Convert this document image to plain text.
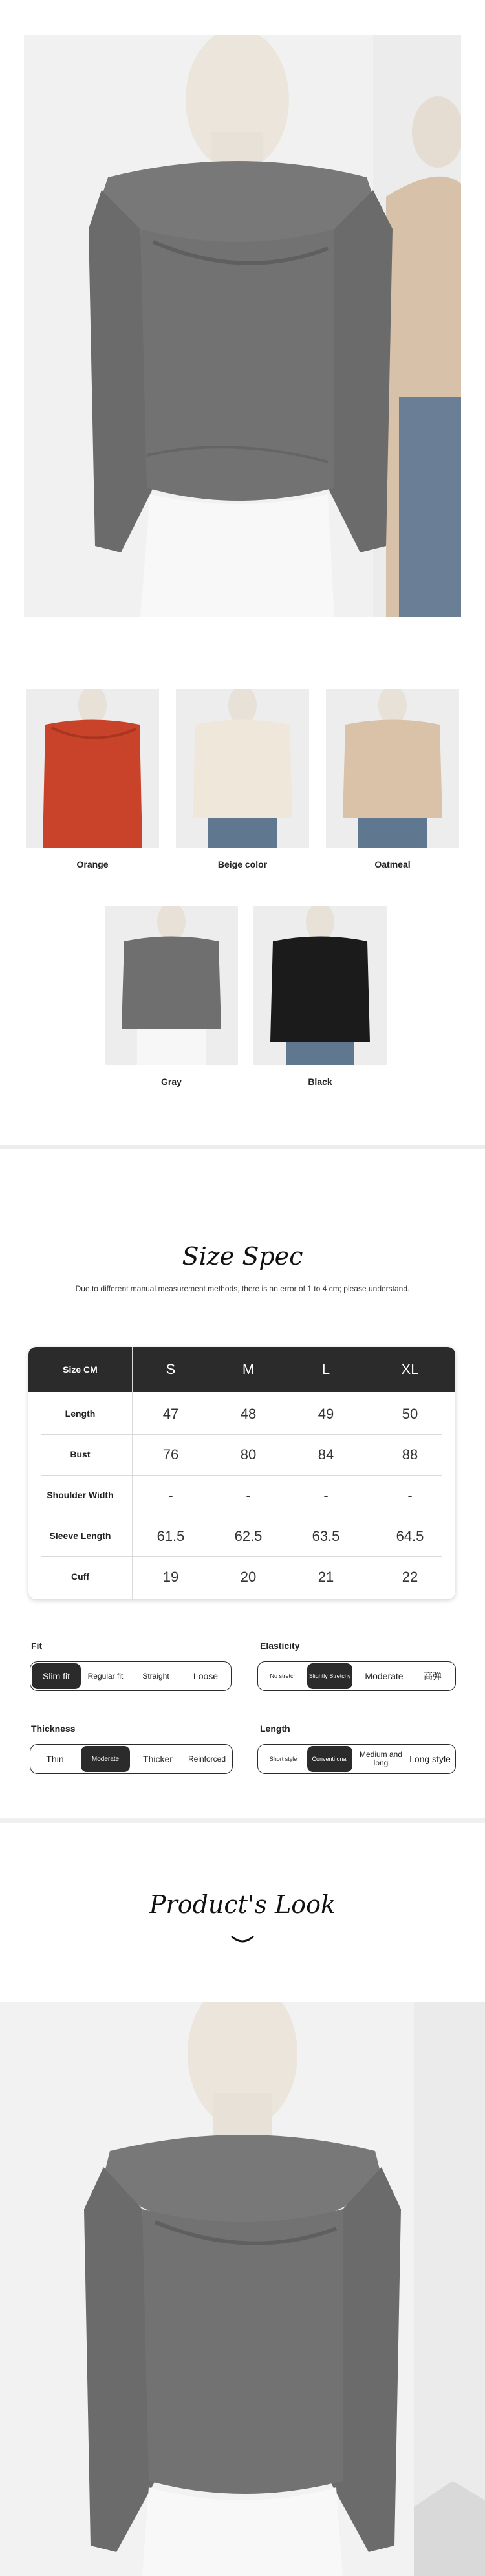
Orange	Beige color	Oatmeal
Gray	Black
Size Spec
Due to different manual measurement methods, there is an error of 1 to 4 cm; please understand.
Size CM	S	M	L	XL
Length	47	48	49	50
Bust	76	80	84	88
Shoulder Width	-	-	-	-
Sleeve Length	61.5	62.5	63.5	64.5
Cuff	19	20	21	22
Fit
Slim fit	Regular fit	Straight	Loose
Elasticity
No stretch	Slightly Stretchy	Moderate	高弹
Thickness
Thin	Moderate	Thicker	Reinforced
Length
Short style	Conventi onal	Medium and long	Long style
Product's Look
